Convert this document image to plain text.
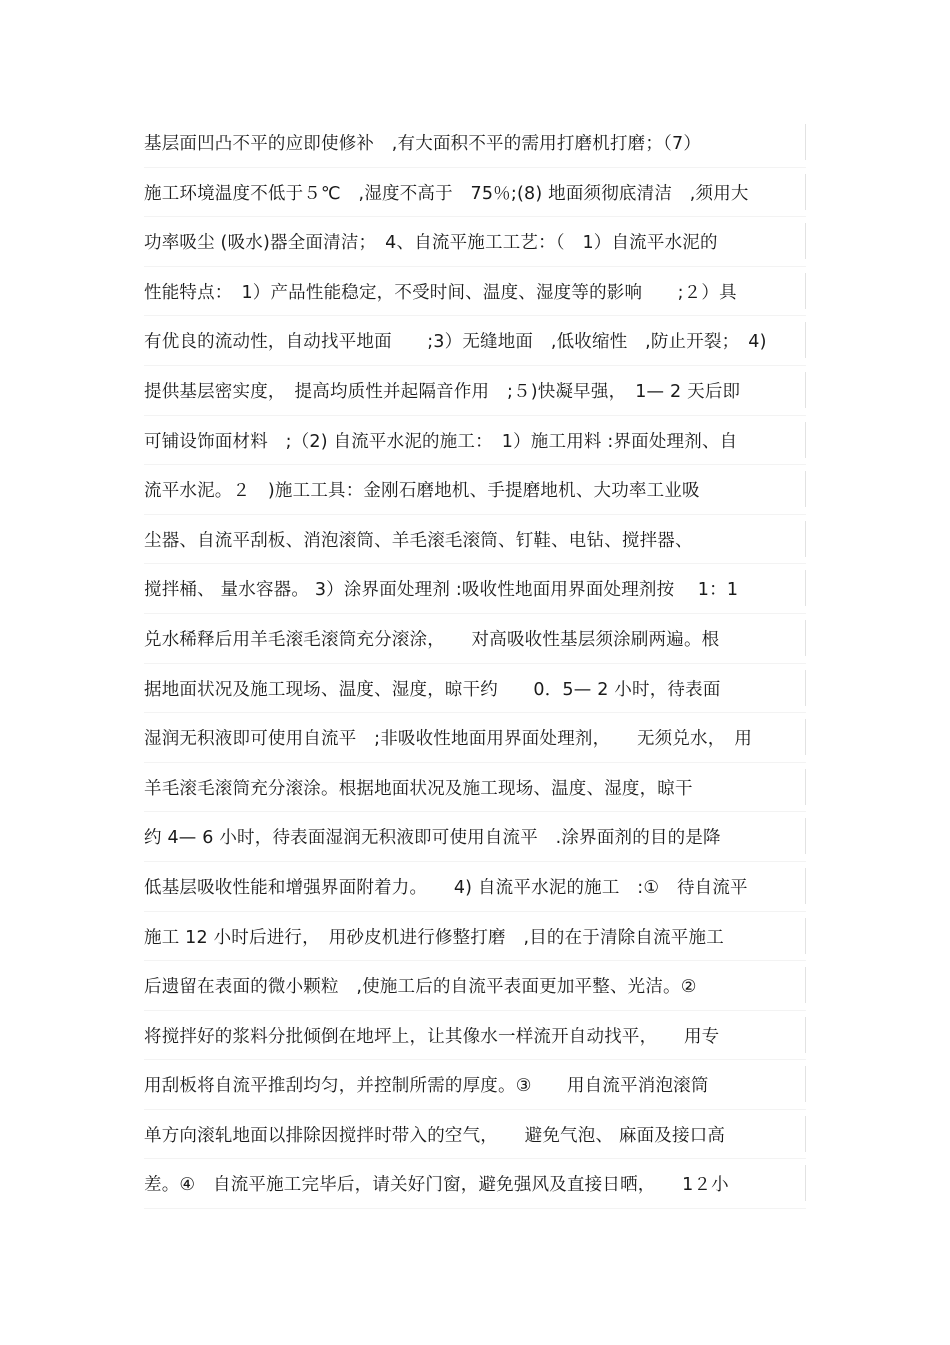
基层面凹凸不平的应即使修补　,有大面积不平的需用打磨机打磨；（7）
施工环境温度不低于５℃　,湿度不高于　75％;(8) 地面须彻底清洁　,须用大
功率吸尘 (吸水)器全面清洁；　4、自流平施工工艺：（　1）自流平水泥的
性能特点：　1）产品性能稳定，不受时间、温度、湿度等的影响　　;２）具
有优良的流动性，自动找平地面　　;3）无缝地面　,低收缩性　,防止开裂；　4)
提供基层密实度，　提高均质性并起隔音作用　;５)快凝早强，　1— 2 天后即
可铺设饰面材料　;（2) 自流平水泥的施工：　1）施工用料 :界面处理剂、自
流平水泥。２　)施工工具：金刚石磨地机、手提磨地机、大功率工业吸
尘器、自流平刮板、消泡滚筒、羊毛滚毛滚筒、钉鞋、电钻、搅拌器、
搅拌桶、 量水容器。 3）涂界面处理剂 :吸收性地面用界面处理剂按　 1：1
兑水稀释后用羊毛滚毛滚筒充分滚涂，　　对高吸收性基层须涂刷两遍。根
据地面状况及施工现场、温度、湿度，晾干约　　0．5— 2 小时，待表面
湿润无积液即可使用自流平　;非吸收性地面用界面处理剂，　　无须兑水，　用
羊毛滚毛滚筒充分滚涂。根据地面状况及施工现场、温度、湿度，晾干
约 4— 6 小时，待表面湿润无积液即可使用自流平　.涂界面剂的目的是降
低基层吸收性能和增强界面附着力。　　4) 自流平水泥的施工　:①　待自流平
施工 12 小时后进行，　用砂皮机进行修整打磨　,目的在于清除自流平施工
后遗留在表面的微小颗粒　,使施工后的自流平表面更加平整、光洁。②
将搅拌好的浆料分批倾倒在地坪上，让其像水一样流开自动找平，　　用专
用刮板将自流平推刮均匀，并控制所需的厚度。③　　用自流平消泡滚筒
单方向滚轧地面以排除因搅拌时带入的空气，　　避免气泡、 麻面及接口高
差。④　自流平施工完毕后，请关好门窗，避免强风及直接日晒，　　1２小
